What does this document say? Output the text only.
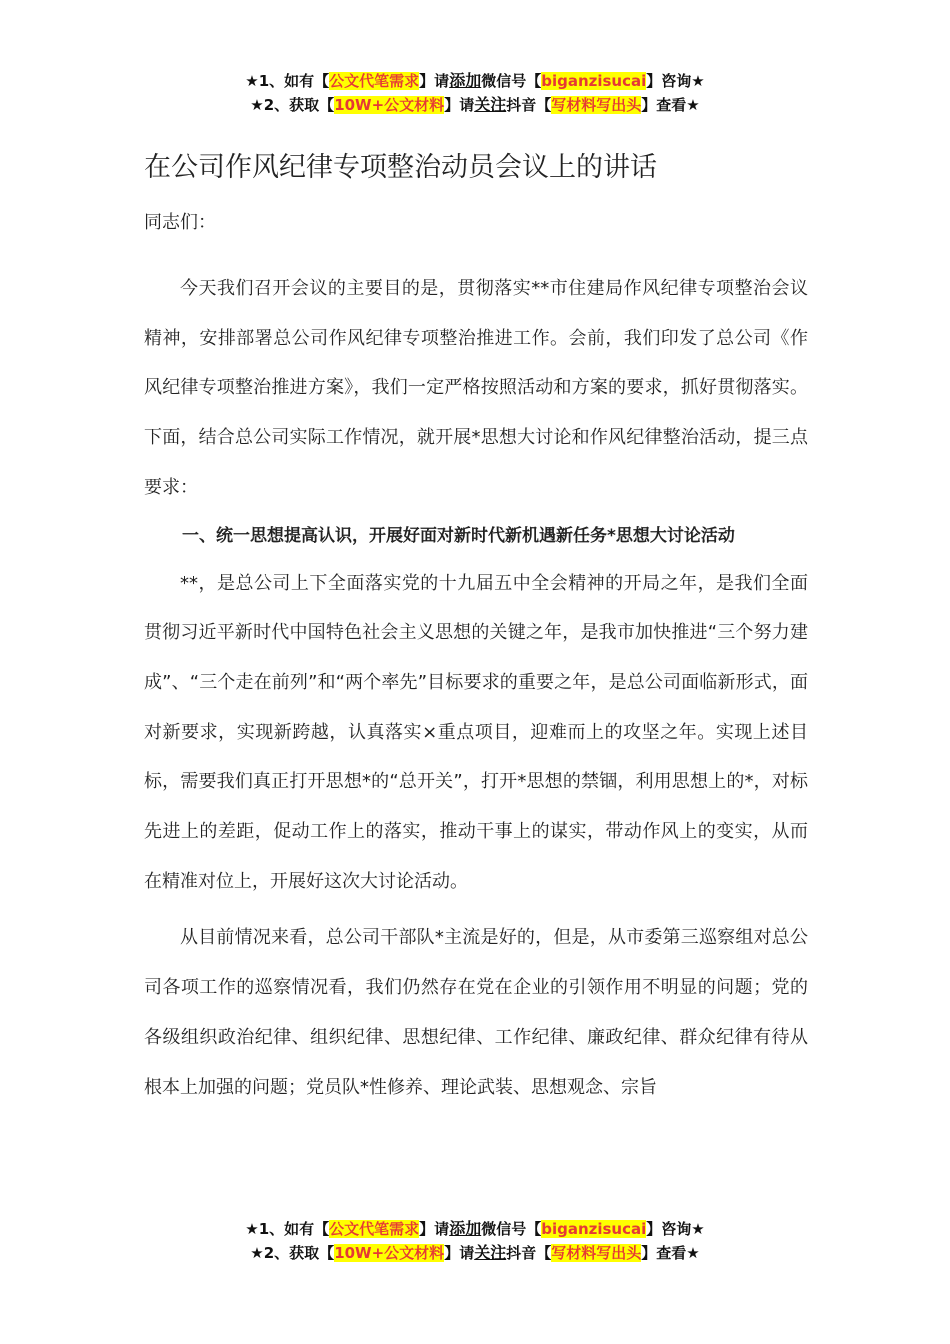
★1、如有【公文代笔需求】请添加微信号【biganzisucai】咨询★
★2、获取【10W+公文材料】请关注抖音【写材料写出头】查看★
在公司作风纪律专项整治动员会议上的讲话

同志们：

今天我们召开会议的主要目的是，贯彻落实**市住建局作风纪律专项整治会议精神，安排部署总公司作风纪律专项整治推进工作。会前，我们印发了总公司《作风纪律专项整治推进方案》，我们一定严格按照活动和方案的要求，抓好贯彻落实。下面，结合总公司实际工作情况，就开展*思想大讨论和作风纪律整治活动，提三点要求：

一、统一思想提高认识，开展好面对新时代新机遇新任务*思想大讨论活动

**，是总公司上下全面落实党的十九届五中全会精神的开局之年，是我们全面贯彻习近平新时代中国特色社会主义思想的关键之年，是我市加快推进“三个努力建成”、“三个走在前列”和“两个率先”目标要求的重要之年，是总公司面临新形式，面对新要求，实现新跨越，认真落实×重点项目，迎难而上的攻坚之年。实现上述目标，需要我们真正打开思想*的“总开关”，打开*思想的禁锢，利用思想上的*，对标先进上的差距，促动工作上的落实，推动干事上的谋实，带动作风上的变实，从而在精准对位上，开展好这次大讨论活动。

从目前情况来看，总公司干部队*主流是好的，但是，从市委第三巡察组对总公司各项工作的巡察情况看，我们仍然存在党在企业的引领作用不明显的问题；党的各级组织政治纪律、组织纪律、思想纪律、工作纪律、廉政纪律、群众纪律有待从根本上加强的问题；党员队*性修养、理论武装、思想观念、宗旨

★1、如有【公文代笔需求】请添加微信号【biganzisucai】咨询★
★2、获取【10W+公文材料】请关注抖音【写材料写出头】查看★
